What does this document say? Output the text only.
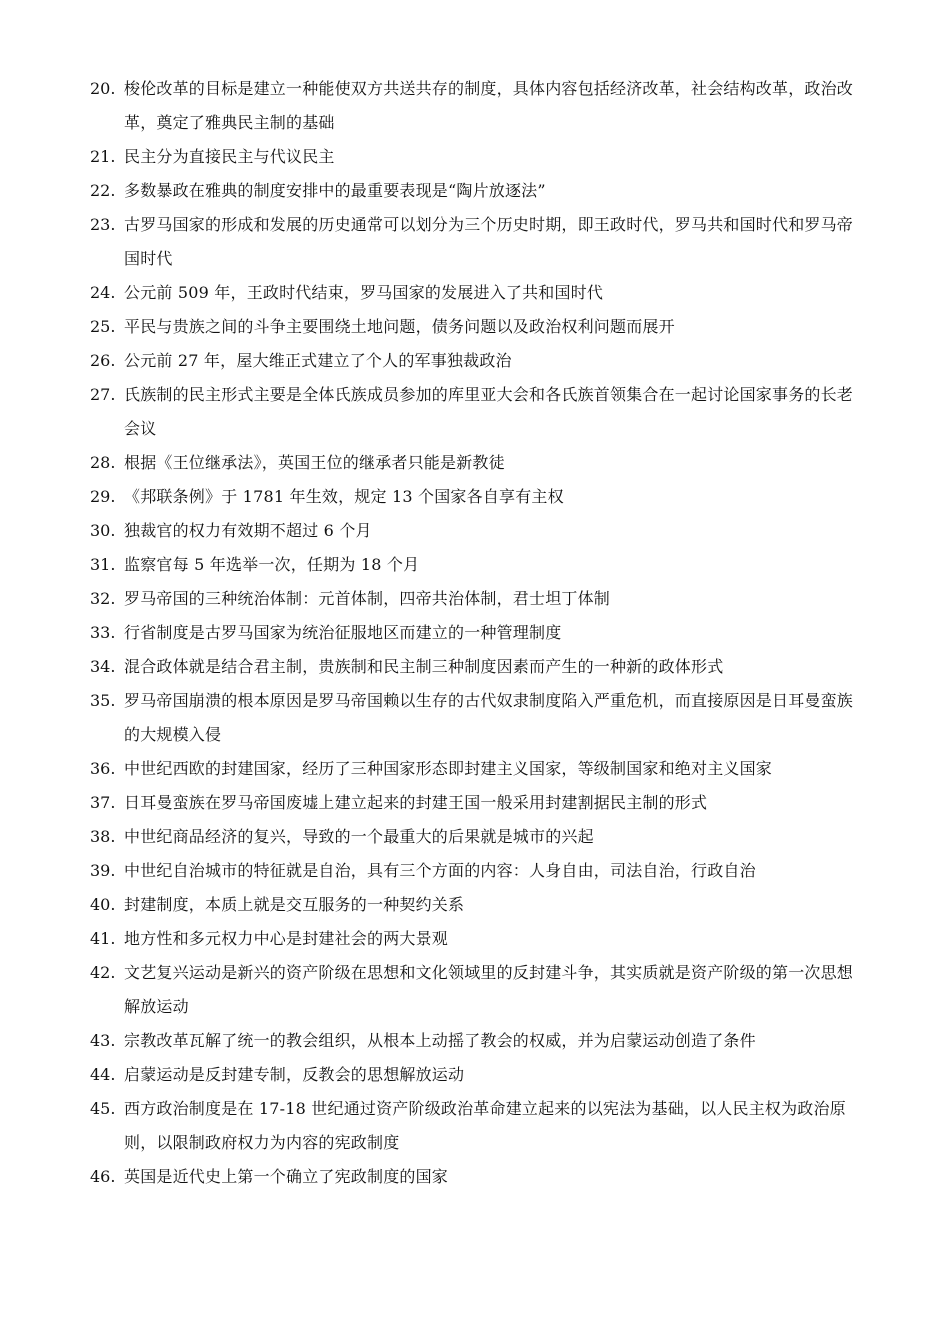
20. 梭伦改革的目标是建立一种能使双方共送共存的制度，具体内容包括经济改革，社会结构改革，政治改革，奠定了雅典民主制的基础
21. 民主分为直接民主与代议民主
22. 多数暴政在雅典的制度安排中的最重要表现是“陶片放逐法”
23. 古罗马国家的形成和发展的历史通常可以划分为三个历史时期，即王政时代，罗马共和国时代和罗马帝国时代
24. 公元前 509 年，王政时代结束，罗马国家的发展进入了共和国时代
25. 平民与贵族之间的斗争主要围绕土地问题，债务问题以及政治权利问题而展开
26. 公元前 27 年，屋大维正式建立了个人的军事独裁政治
27. 氏族制的民主形式主要是全体氏族成员参加的库里亚大会和各氏族首领集合在一起讨论国家事务的长老会议
28. 根据《王位继承法》，英国王位的继承者只能是新教徒
29. 《邦联条例》于 1781 年生效，规定 13 个国家各自享有主权
30. 独裁官的权力有效期不超过 6 个月
31. 监察官每 5 年选举一次，任期为 18 个月
32. 罗马帝国的三种统治体制：元首体制，四帝共治体制，君士坦丁体制
33. 行省制度是古罗马国家为统治征服地区而建立的一种管理制度
34. 混合政体就是结合君主制，贵族制和民主制三种制度因素而产生的一种新的政体形式
35. 罗马帝国崩溃的根本原因是罗马帝国赖以生存的古代奴隶制度陷入严重危机，而直接原因是日耳曼蛮族的大规模入侵
36. 中世纪西欧的封建国家，经历了三种国家形态即封建主义国家，等级制国家和绝对主义国家
37. 日耳曼蛮族在罗马帝国废墟上建立起来的封建王国一般采用封建割据民主制的形式
38. 中世纪商品经济的复兴，导致的一个最重大的后果就是城市的兴起
39. 中世纪自治城市的特征就是自治，具有三个方面的内容：人身自由，司法自治，行政自治
40. 封建制度，本质上就是交互服务的一种契约关系
41. 地方性和多元权力中心是封建社会的两大景观
42. 文艺复兴运动是新兴的资产阶级在思想和文化领域里的反封建斗争，其实质就是资产阶级的第一次思想解放运动
43. 宗教改革瓦解了统一的教会组织，从根本上动摇了教会的权威，并为启蒙运动创造了条件
44. 启蒙运动是反封建专制，反教会的思想解放运动
45. 西方政治制度是在 17-18 世纪通过资产阶级政治革命建立起来的以宪法为基础，以人民主权为政治原则，以限制政府权力为内容的宪政制度
46. 英国是近代史上第一个确立了宪政制度的国家
